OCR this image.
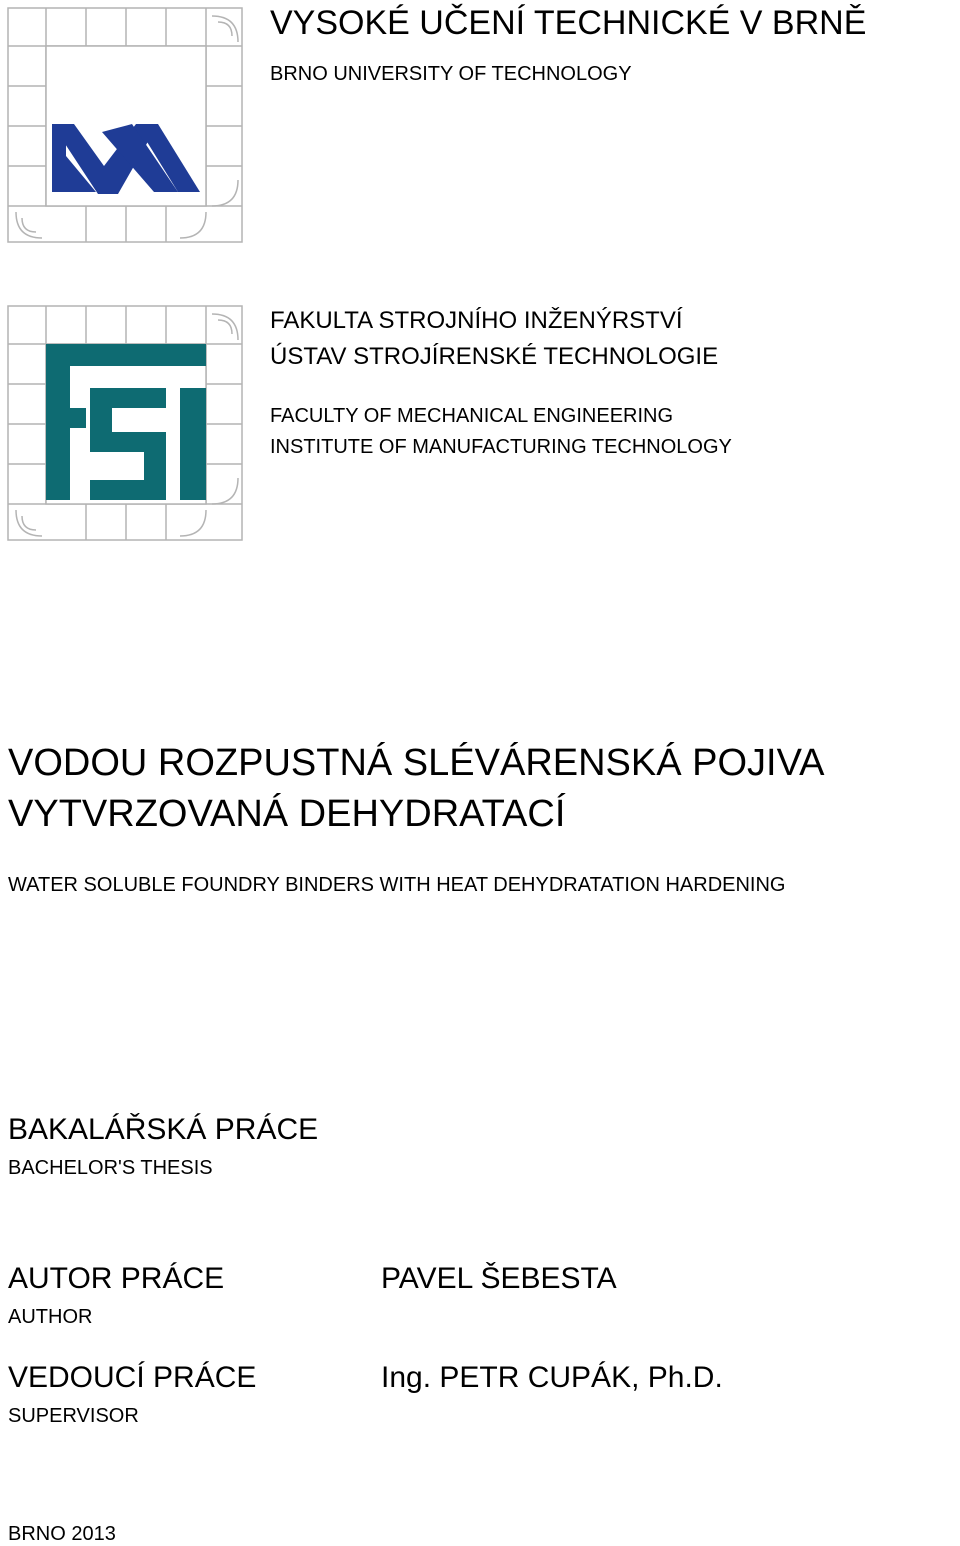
VYSOKÉ UČENÍ TECHNICKÉ V BRNĚ
BRNO UNIVERSITY OF TECHNOLOGY
FAKULTA STROJNÍHO INŽENÝRSTVÍ
ÚSTAV STROJÍRENSKÉ TECHNOLOGIE
FACULTY OF MECHANICAL ENGINEERING
INSTITUTE OF MANUFACTURING TECHNOLOGY
VODOU ROZPUSTNÁ SLÉVÁRENSKÁ POJIVA
VYTVRZOVANÁ DEHYDRATACÍ
WATER SOLUBLE FOUNDRY BINDERS WITH HEAT DEHYDRATATION HARDENING
BAKALÁŘSKÁ PRÁCE
BACHELOR'S THESIS
AUTOR PRÁCE
AUTHOR
PAVEL ŠEBESTA
VEDOUCÍ PRÁCE
SUPERVISOR
Ing. PETR CUPÁK, Ph.D.
BRNO 2013
